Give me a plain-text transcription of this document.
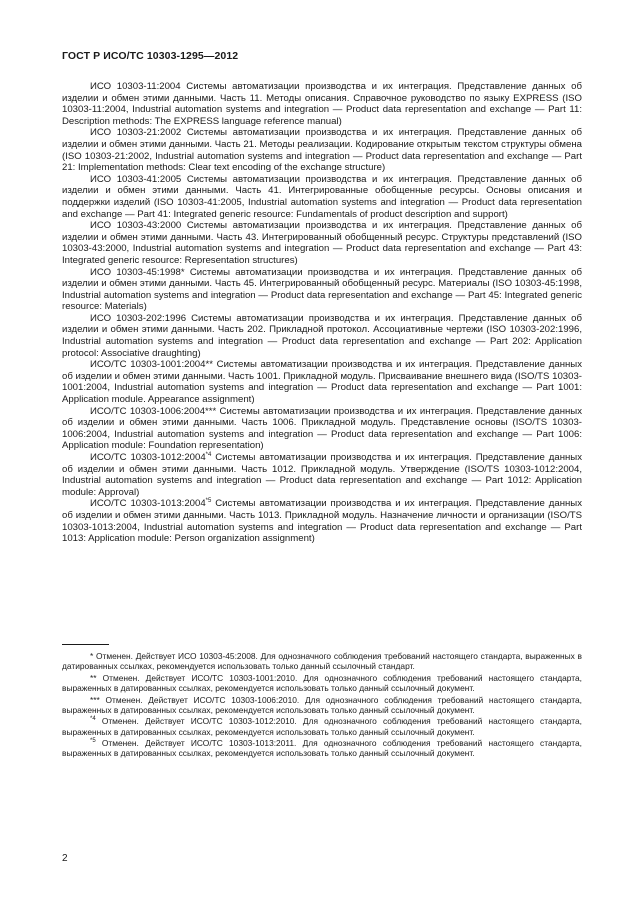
ГОСТ Р ИСО/ТС 10303-1295—2012

ИСО 10303-11:2004 Системы автоматизации производства и их интеграция. Представление данных об изделии и обмен этими данными. Часть 11. Методы описания. Справочное руководство по языку EXPRESS (ISO 10303-11:2004, Industrial automation systems and integration — Product data representation and exchange — Part 11: Description methods: The EXPRESS language reference manual)

ИСО 10303-21:2002 Системы автоматизации производства и их интеграция. Представление данных об изделии и обмен этими данными. Часть 21. Методы реализации. Кодирование открытым текстом структуры обмена (ISO 10303-21:2002, Industrial automation systems and integration — Product data representation and exchange — Part 21: Implementation methods: Clear text encoding of the exchange structure)

ИСО 10303-41:2005 Системы автоматизации производства и их интеграция. Представление данных об изделии и обмен этими данными. Часть 41. Интегрированные обобщенные ресурсы. Основы описания и поддержки изделий (ISO 10303-41:2005, Industrial automation systems and integration — Product data representation and exchange — Part 41: Integrated generic resource: Fundamentals of product description and support)

ИСО 10303-43:2000 Системы автоматизации производства и их интеграция. Представление данных об изделии и обмен этими данными. Часть 43. Интегрированный обобщенный ресурс. Структуры представлений (ISO 10303-43:2000, Industrial automation systems and integration — Product data representation and exchange — Part 43: Integrated generic resource: Representation structures)

ИСО 10303-45:1998* Системы автоматизации производства и их интеграция. Представление данных об изделии и обмен этими данными. Часть 45. Интегрированный обобщенный ресурс. Материалы (ISO 10303-45:1998, Industrial automation systems and integration — Product data representation and exchange — Part 45: Integrated generic resource: Materials)

ИСО 10303-202:1996 Системы автоматизации производства и их интеграция. Представление данных об изделии и обмен этими данными. Часть 202. Прикладной протокол. Ассоциативные чертежи (ISO 10303-202:1996, Industrial automation systems and integration — Product data representation and exchange — Part 202: Application protocol: Associative draughting)

ИСО/ТС 10303-1001:2004** Системы автоматизации производства и их интеграция. Представление данных об изделии и обмен этими данными. Часть 1001. Прикладной модуль. Присваивание внешнего вида (ISO/TS 10303-1001:2004, Industrial automation systems and integration — Product data representation and exchange — Part 1001: Application module. Appearance assignment)

ИСО/ТС 10303-1006:2004*** Системы автоматизации производства и их интеграция. Представление данных об изделии и обмен этими данными. Часть 1006. Прикладной модуль. Представление основы (ISO/TS 10303-1006:2004, Industrial automation systems and integration — Product data representation and exchange — Part 1006: Application module: Foundation representation)

ИСО/ТС 10303-1012:2004$^{*4}$ Системы автоматизации производства и их интеграция. Представление данных об изделии и обмен этими данными. Часть 1012. Прикладной модуль. Утверждение (ISO/TS 10303-1012:2004, Industrial automation systems and integration — Product data representation and exchange — Part 1012: Application module: Approval)

ИСО/ТС 10303-1013:2004$^{*5}$ Системы автоматизации производства и их интеграция. Представление данных об изделии и обмен этими данными. Часть 1013. Прикладной модуль. Назначение личности и организации (ISO/TS 10303-1013:2004, Industrial automation systems and integration — Product data representation and exchange — Part 1013: Application module: Person organization assignment)

* Отменен. Действует ИСО 10303-45:2008. Для однозначного соблюдения требований настоящего стандарта, выраженных в датированных ссылках, рекомендуется использовать только данный ссылочный стандарт.

** Отменен. Действует ИСО/ТС 10303-1001:2010. Для однозначного соблюдения требований настоящего стандарта, выраженных в датированных ссылках, рекомендуется использовать только данный ссылочный документ.

*** Отменен. Действует ИСО/ТС 10303-1006:2010. Для однозначного соблюдения требований настоящего стандарта, выраженных в датированных ссылках, рекомендуется использовать только данный ссылочный документ.

$^{*4}$ Отменен. Действует ИСО/ТС 10303-1012:2010. Для однозначного соблюдения требований настоящего стандарта, выраженных в датированных ссылках, рекомендуется использовать только данный ссылочный документ.

$^{*5}$ Отменен. Действует ИСО/ТС 10303-1013:2011. Для однозначного соблюдения требований настоящего стандарта, выраженных в датированных ссылках, рекомендуется использовать только данный ссылочный документ.

2
